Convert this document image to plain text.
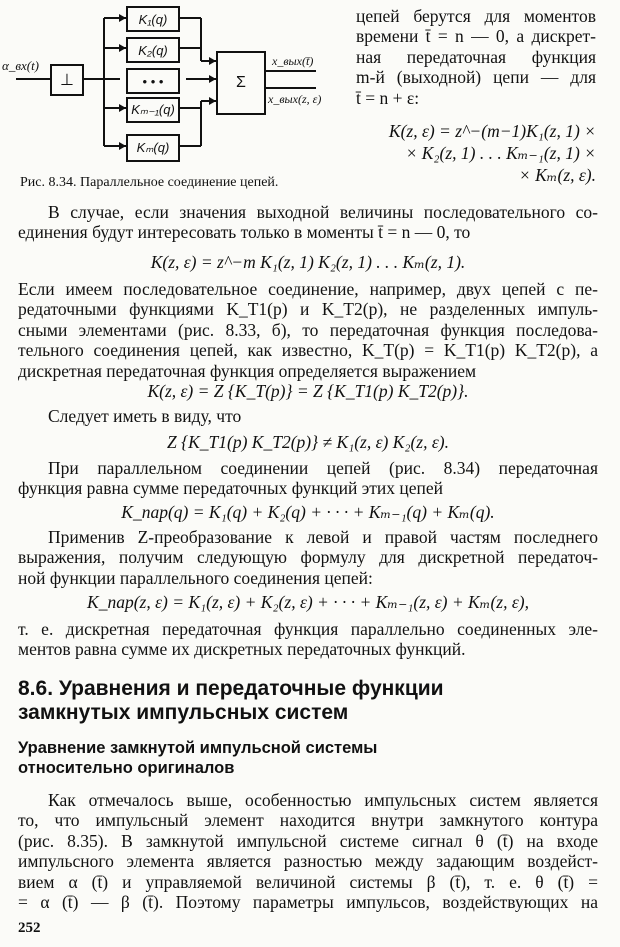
α_вх(t)
⊥
K₁(q)
K₂(q)
• • •
Kₘ₋₁(q)
Kₘ(q)
Σ
x_вых(t̄)
x_вых(z, ε)
Рис. 8.34. Параллельное соединение цепей.
цепей берутся для моментов
времени t̄ = n — 0, а дискрет-
ная передаточная функция
m-й (выходной) цепи — для
t̄ = n + ε:
K(z, ε) = z^−(m−1)K₁(z, 1) ×
× K₂(z, 1) . . . Kₘ₋₁(z, 1) ×
× Kₘ(z, ε).
В случае, если значения выходной величины последовательного со-
единения будут интересовать только в моменты t̄ = n — 0, то
K(z, ε) = z^−m K₁(z, 1) K₂(z, 1) . . . Kₘ(z, 1).
Если имеем последовательное соединение, например, двух цепей с пе-
редаточными функциями K_T1(p) и K_T2(p), не разделенных импуль-
сными элементами (рис. 8.33, б), то передаточная функция последова-
тельного соединения цепей, как известно, K_T(p) = K_T1(p) K_T2(p), а
дискретная передаточная функция определяется выражением
K(z, ε) = Z {K_T(p)} = Z {K_T1(p) K_T2(p)}.
Следует иметь в виду, что
Z {K_T1(p) K_T2(p)} ≠ K₁(z, ε) K₂(z, ε).
При параллельном соединении цепей (рис. 8.34) передаточная
функция равна сумме передаточных функций этих цепей
K_пар(q) = K₁(q) + K₂(q) + · · · + Kₘ₋₁(q) + Kₘ(q).
Применив Z-преобразование к левой и правой частям последнего
выражения, получим следующую формулу для дискретной передаточ-
ной функции параллельного соединения цепей:
K_пар(z, ε) = K₁(z, ε) + K₂(z, ε) + · · · + Kₘ₋₁(z, ε) + Kₘ(z, ε),
т. е. дискретная передаточная функция параллельно соединенных эле-
ментов равна сумме их дискретных передаточных функций.
8.6. Уравнения и передаточные функции
замкнутых импульсных систем
Уравнение замкнутой импульсной системы
относительно оригиналов
Как отмечалось выше, особенностью импульсных систем является
то, что импульсный элемент находится внутри замкнутого контура
(рис. 8.35). В замкнутой импульсной системе сигнал θ (t̄) на входе
импульсного элемента является разностью между задающим воздейст-
вием α (t̄) и управляемой величиной системы β (t̄), т. е. θ (t̄) =
= α (t̄) — β (t̄). Поэтому параметры импульсов, воздействующих на
252
